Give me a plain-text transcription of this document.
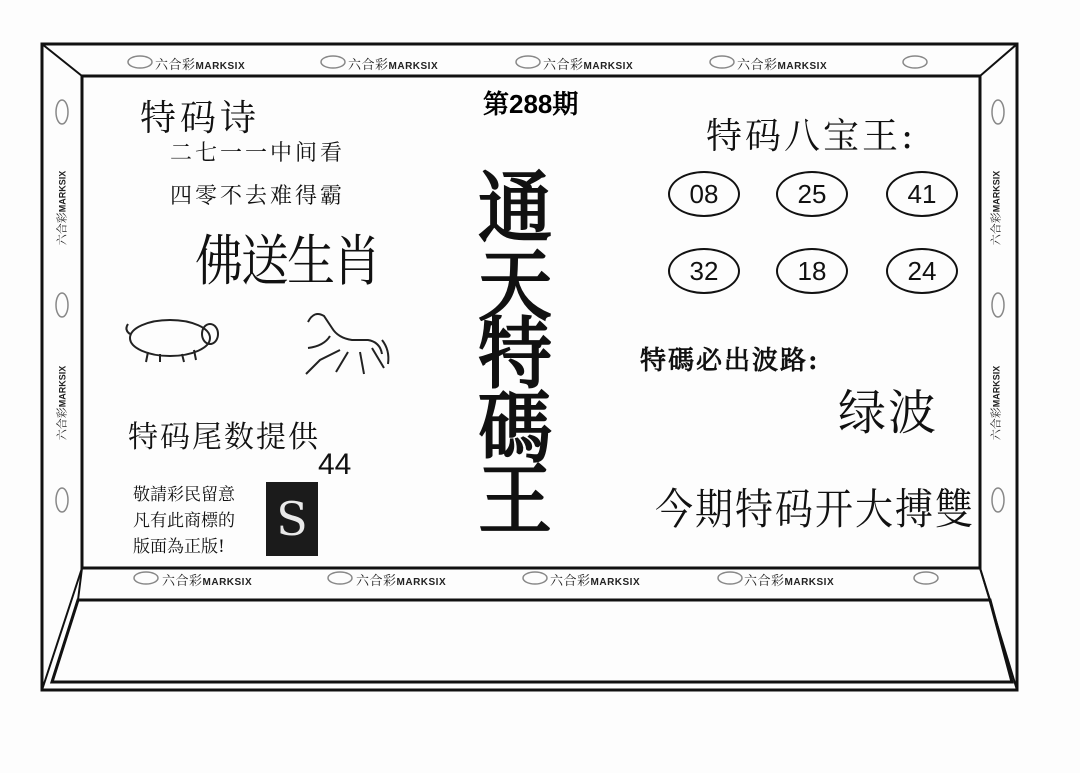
六合彩MARKSIX	六合彩MARKSIX	六合彩MARKSIX	六合彩MARKSIX
六合彩MARKSIX	六合彩MARKSIX	六合彩MARKSIX	六合彩MARKSIX
六合彩MARKSIX
六合彩MARKSIX
六合彩MARKSIX
六合彩MARKSIX
第288期
特码诗
二七一一中间看
四零不去难得霸
佛送生肖
特码尾数提供
44
敬請彩民留意
凡有此商標的
版面為正版!
S
通
天
特
碼
王
特码八宝王:
08	25	41
32	18	24
特碼必出波路:
绿波
今期特码开大搏雙
